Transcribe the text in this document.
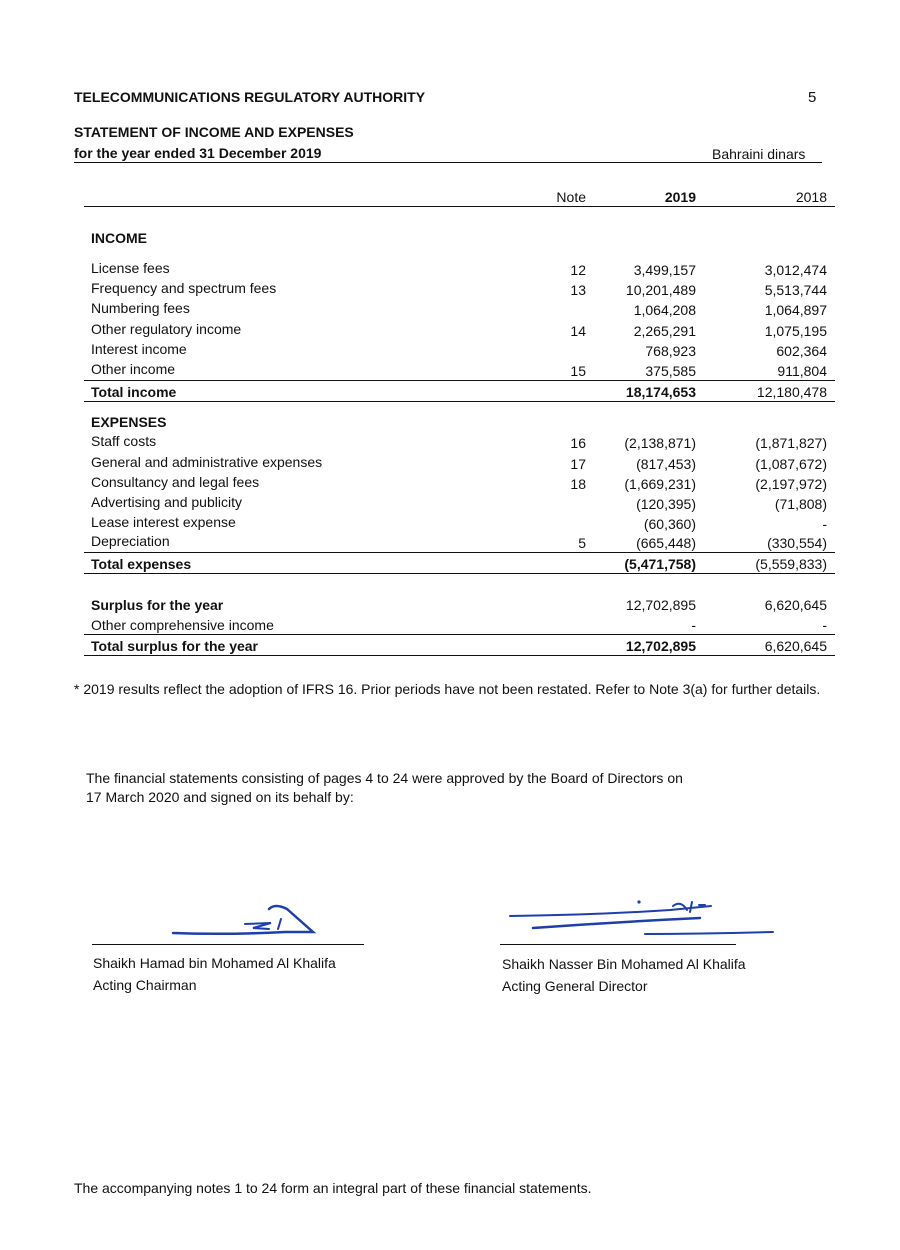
TELECOMMUNICATIONS REGULATORY AUTHORITY	5
STATEMENT OF INCOME AND EXPENSES
for the year ended 31 December 2019	Bahraini dinars
Note	2019	2018
INCOME
License fees	12	3,499,157	3,012,474
Frequency and spectrum fees	13	10,201,489	5,513,744
Numbering fees	1,064,208	1,064,897
Other regulatory income	14	2,265,291	1,075,195
Interest income	768,923	602,364
Other income	15	375,585	911,804
Total income	18,174,653	12,180,478
EXPENSES
Staff costs	16	(2,138,871)	(1,871,827)
General and administrative expenses	17	(817,453)	(1,087,672)
Consultancy and legal fees	18	(1,669,231)	(2,197,972)
Advertising and publicity	(120,395)	(71,808)
Lease interest expense	(60,360)	-
Depreciation	5	(665,448)	(330,554)
Total expenses	(5,471,758)	(5,559,833)
Surplus for the year	12,702,895	6,620,645
Other comprehensive income	-	-
Total surplus for the year	12,702,895	6,620,645
* 2019 results reflect the adoption of IFRS 16. Prior periods have not been restated. Refer to Note 3(a) for further details.
The financial statements consisting of pages 4 to 24 were approved by the Board of Directors on
17 March 2020 and signed on its behalf by:
Shaikh Hamad bin Mohamed Al Khalifa
Acting Chairman
Shaikh Nasser Bin Mohamed Al Khalifa
Acting General Director
The accompanying notes 1 to 24 form an integral part of these financial statements.
